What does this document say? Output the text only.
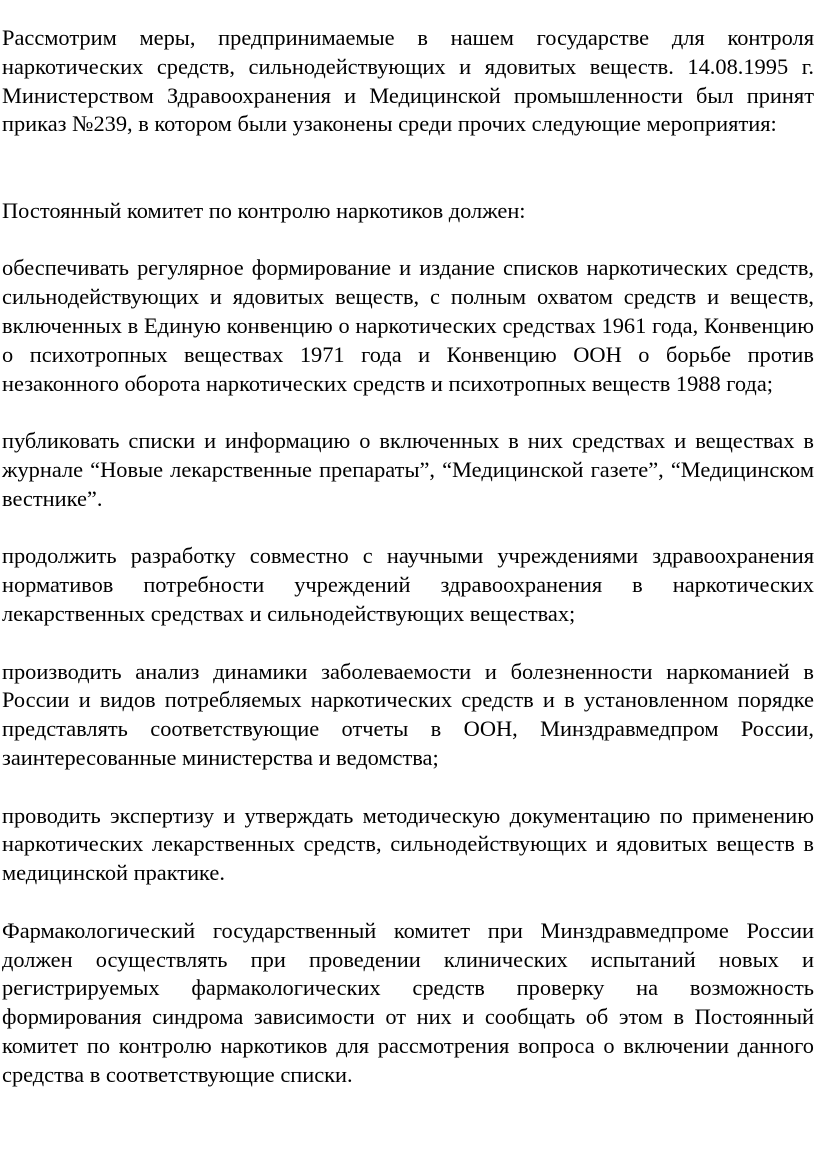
Рассмотрим меры, предпринимаемые в нашем государстве для контроля наркотических средств, сильнодействующих и ядовитых веществ. 14.08.1995 г. Министерством Здравоохранения и Медицинской промышленности был принят приказ №239, в котором были узаконены среди прочих следующие мероприятия:

Постоянный комитет по контролю наркотиков должен:

обеспечивать регулярное формирование и издание списков наркотических средств, сильнодействующих и ядовитых веществ, с полным охватом средств и веществ, включенных в Единую конвенцию о наркотических средствах 1961 года, Конвенцию о психотропных веществах 1971 года и Конвенцию ООН о борьбе против незаконного оборота наркотических средств и психотропных веществ 1988 года;

публиковать списки и информацию о включенных в них средствах и веществах в журнале “Новые лекарственные препараты”, “Медицинской газете”, “Медицинском вестнике”.

продолжить разработку совместно с научными учреждениями здравоохранения нормативов потребности учреждений здравоохранения в наркотических лекарственных средствах и сильнодействующих веществах;

производить анализ динамики заболеваемости и болезненности наркоманией в России и видов потребляемых наркотических средств и в установленном порядке представлять соответствующие отчеты в ООН, Минздравмедпром России, заинтересованные министерства и ведомства;

проводить экспертизу и утверждать методическую документацию по применению наркотических лекарственных средств, сильнодействующих и ядовитых веществ в медицинской практике.

Фармакологический государственный комитет при Минздравмедпроме России должен осуществлять при проведении клинических испытаний новых и регистрируемых фармакологических средств проверку на возможность формирования синдрома зависимости от них и сообщать об этом в Постоянный комитет по контролю наркотиков для рассмотрения вопроса о включении данного средства в соответствующие списки.
